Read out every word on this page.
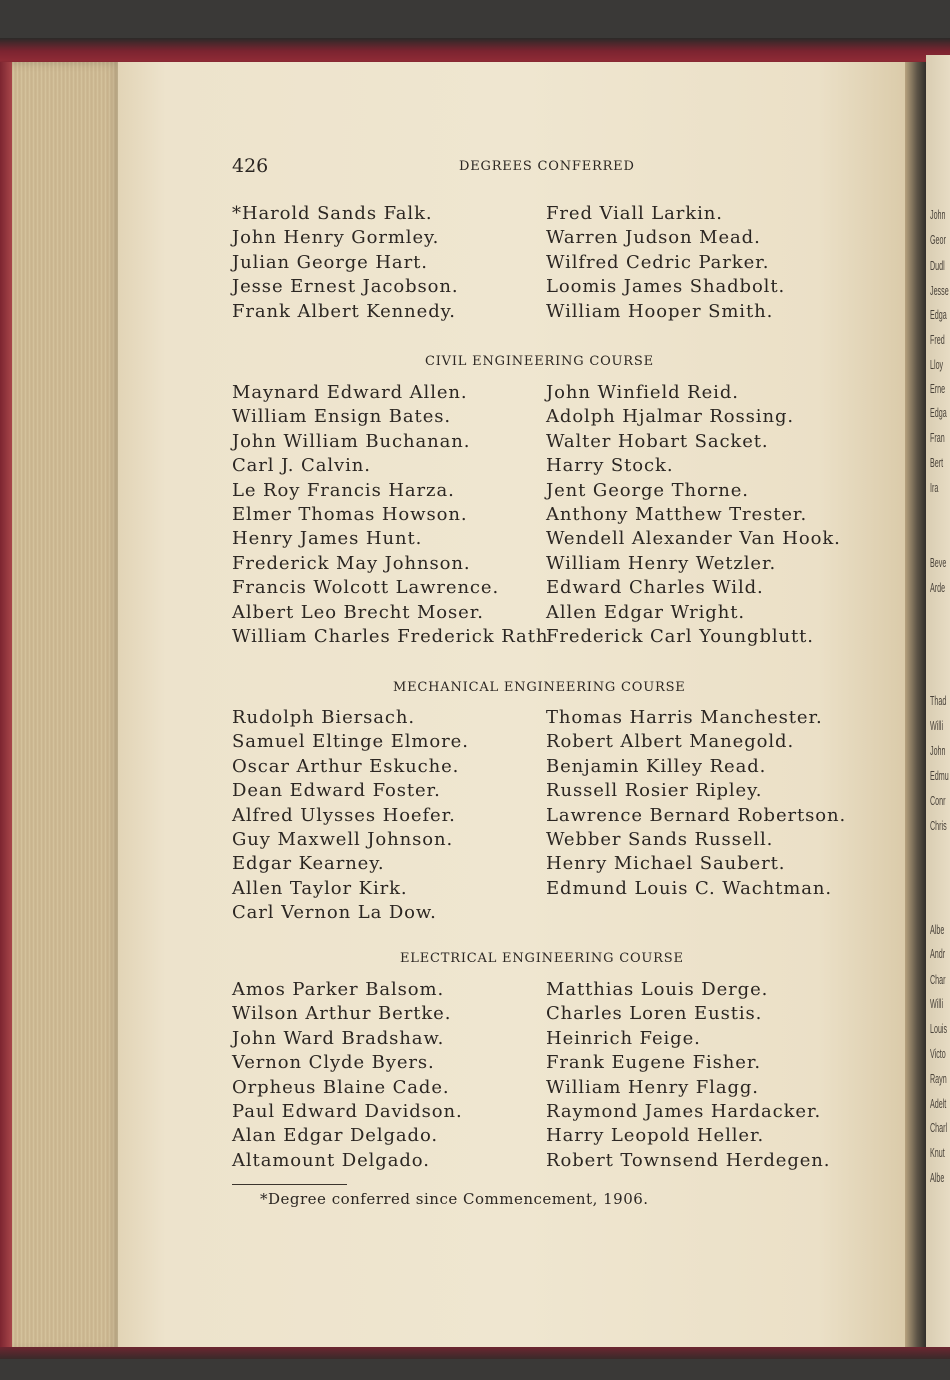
John
Geor
Dudl
Jesse
Edga
Fred
Lloy
Erne
Edga
Fran
Bert
Ira
Beve
Arde
Thad
Willi
John
Edmu
Conr
Chris
Albe
Andr
Char
Willi
Louis
Victo
Rayn
Adelt
Charl
Knut
Albe
426	DEGREES CONFERRED
*Harold Sands Falk.
John Henry Gormley.
Julian George Hart.
Jesse Ernest Jacobson.
Frank Albert Kennedy.
Fred Viall Larkin.
Warren Judson Mead.
Wilfred Cedric Parker.
Loomis James Shadbolt.
William Hooper Smith.
CIVIL ENGINEERING COURSE
Maynard Edward Allen.
William Ensign Bates.
John William Buchanan.
Carl J. Calvin.
Le Roy Francis Harza.
Elmer Thomas Howson.
Henry James Hunt.
Frederick May Johnson.
Francis Wolcott Lawrence.
Albert Leo Brecht Moser.
William Charles Frederick Rath
John Winfield Reid.
Adolph Hjalmar Rossing.
Walter Hobart Sacket.
Harry Stock.
Jent George Thorne.
Anthony Matthew Trester.
Wendell Alexander Van Hook.
William Henry Wetzler.
Edward Charles Wild.
Allen Edgar Wright.
Frederick Carl Youngblutt.
MECHANICAL ENGINEERING COURSE
Rudolph Biersach.
Samuel Eltinge Elmore.
Oscar Arthur Eskuche.
Dean Edward Foster.
Alfred Ulysses Hoefer.
Guy Maxwell Johnson.
Edgar Kearney.
Allen Taylor Kirk.
Carl Vernon La Dow.
Thomas Harris Manchester.
Robert Albert Manegold.
Benjamin Killey Read.
Russell Rosier Ripley.
Lawrence Bernard Robertson.
Webber Sands Russell.
Henry Michael Saubert.
Edmund Louis C. Wachtman.
ELECTRICAL ENGINEERING COURSE
Amos Parker Balsom.
Wilson Arthur Bertke.
John Ward Bradshaw.
Vernon Clyde Byers.
Orpheus Blaine Cade.
Paul Edward Davidson.
Alan Edgar Delgado.
Altamount Delgado.
Matthias Louis Derge.
Charles Loren Eustis.
Heinrich Feige.
Frank Eugene Fisher.
William Henry Flagg.
Raymond James Hardacker.
Harry Leopold Heller.
Robert Townsend Herdegen.
*Degree conferred since Commencement, 1906.
